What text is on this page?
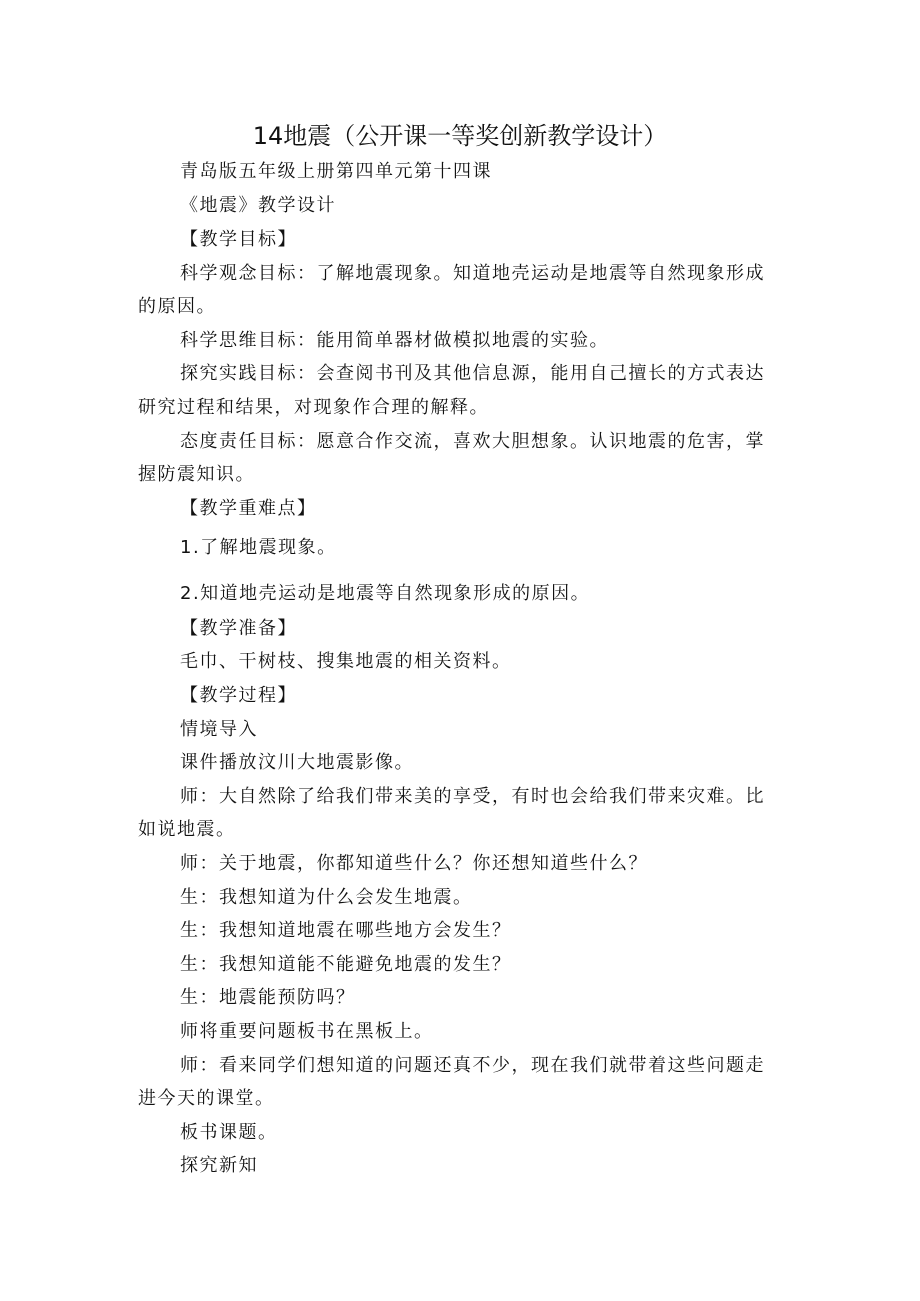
14地震（公开课一等奖创新教学设计）
青岛版五年级上册第四单元第十四课
《地震》教学设计
【教学目标】
科学观念目标：了解地震现象。知道地壳运动是地震等自然现象形成
的原因。
科学思维目标：能用简单器材做模拟地震的实验。
探究实践目标：会查阅书刊及其他信息源，能用自己擅长的方式表达
研究过程和结果，对现象作合理的解释。
态度责任目标：愿意合作交流，喜欢大胆想象。认识地震的危害，掌
握防震知识。
【教学重难点】
1.了解地震现象。
2.知道地壳运动是地震等自然现象形成的原因。
【教学准备】
毛巾、干树枝、搜集地震的相关资料。
【教学过程】
情境导入
课件播放汶川大地震影像。
师：大自然除了给我们带来美的享受，有时也会给我们带来灾难。比
如说地震。
师：关于地震，你都知道些什么？你还想知道些什么？
生：我想知道为什么会发生地震。
生：我想知道地震在哪些地方会发生？
生：我想知道能不能避免地震的发生？
生：地震能预防吗？
师将重要问题板书在黑板上。
师：看来同学们想知道的问题还真不少，现在我们就带着这些问题走
进今天的课堂。
板书课题。
探究新知
